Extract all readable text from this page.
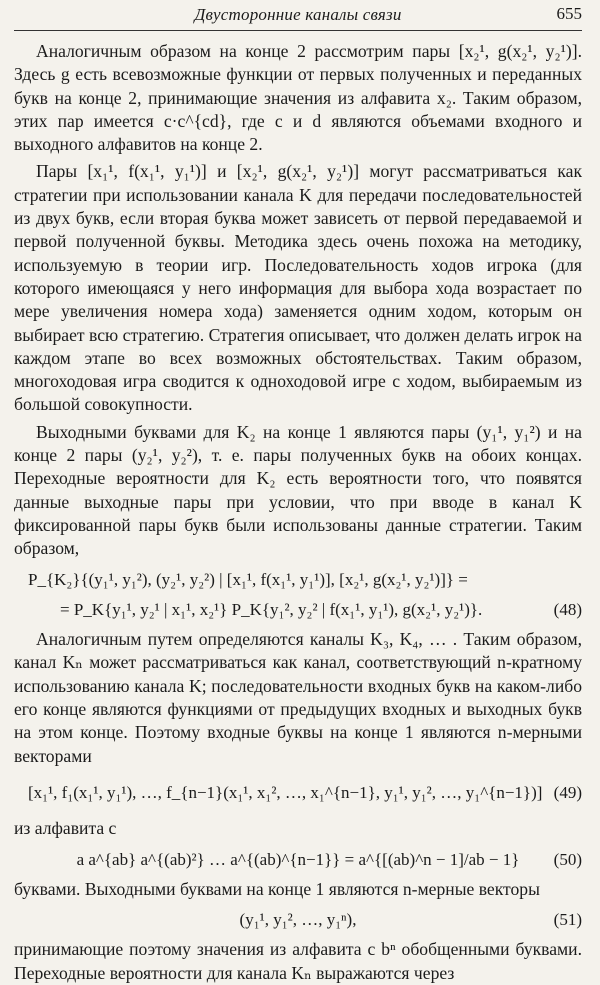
Двусторонние каналы связи	655

Аналогичным образом на конце 2 рассмотрим пары [x₂¹, g(x₂¹, y₂¹)]. Здесь g есть всевозможные функции от первых полученных и переданных букв на конце 2, принимающие значения из алфавита x₂. Таким образом, этих пар имеется c·c^{cd}, где c и d являются объемами входного и выходного алфавитов на конце 2.

Пары [x₁¹, f(x₁¹, y₁¹)] и [x₂¹, g(x₂¹, y₂¹)] могут рассматриваться как стратегии при использовании канала K для передачи последовательностей из двух букв, если вторая буква может зависеть от первой передаваемой и первой полученной буквы. Методика здесь очень похожа на методику, используемую в теории игр. Последовательность ходов игрока (для которого имеющаяся у него информация для выбора хода возрастает по мере увеличения номера хода) заменяется одним ходом, которым он выбирает всю стратегию. Стратегия описывает, что должен делать игрок на каждом этапе во всех возможных обстоятельствах. Таким образом, многоходовая игра сводится к одноходовой игре с ходом, выбираемым из большой совокупности.

Выходными буквами для K₂ на конце 1 являются пары (y₁¹, y₁²) и на конце 2 пары (y₂¹, y₂²), т. е. пары полученных букв на обоих концах. Переходные вероятности для K₂ есть вероятности того, что появятся данные выходные пары при условии, что при вводе в канал K фиксированной пары букв были использованы данные стратегии. Таким образом,

P_{K₂}{(y₁¹, y₁²), (y₂¹, y₂²) | [x₁¹, f(x₁¹, y₁¹)], [x₂¹, g(x₂¹, y₂¹)]} =
= P_K{y₁¹, y₂¹ | x₁¹, x₂¹} P_K{y₁², y₂² | f(x₁¹, y₁¹), g(x₂¹, y₂¹)}.	(48)

Аналогичным путем определяются каналы K₃, K₄, … . Таким образом, канал Kₙ может рассматриваться как канал, соответствующий n-кратному использованию канала K; последовательности входных букв на каком-либо его конце являются функциями от предыдущих входных и выходных букв на этом конце. Поэтому входные буквы на конце 1 являются n-мерными векторами

[x₁¹, f₁(x₁¹, y₁¹), …, f_{n−1}(x₁¹, x₁², …, x₁^{n−1}, y₁¹, y₁², …, y₁^{n−1})] (49)

из алфавита с

a a^{ab} a^{(ab)²} … a^{(ab)^{n−1}} = a^{[(ab)^n − 1]/ab − 1} (50)

буквами. Выходными буквами на конце 1 являются n-мерные векторы

(y₁¹, y₁², …, y₁ⁿ),	(51)

принимающие поэтому значения из алфавита с bⁿ обобщенными буквами. Переходные вероятности для канала Kₙ выражаются через
